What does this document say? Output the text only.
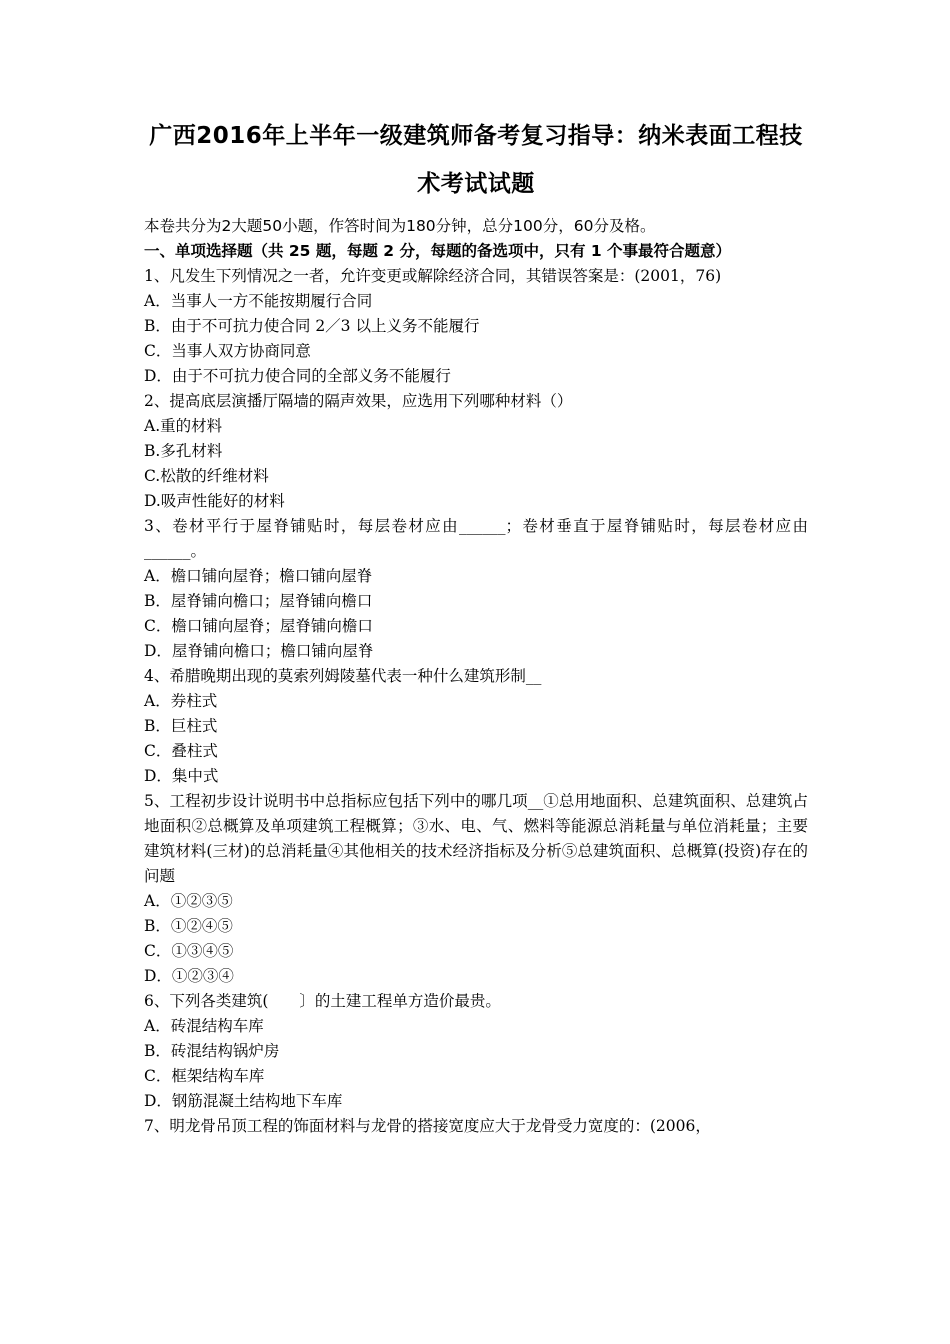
广西2016年上半年一级建筑师备考复习指导：纳米表面工程技术考试试题

本卷共分为2大题50小题，作答时间为180分钟，总分100分，60分及格。

一、单项选择题（共 25 题，每题 2 分，每题的备选项中，只有 1 个事最符合题意）

1、凡发生下列情况之一者，允许变更或解除经济合同，其错误答案是：(2001，76)

A．当事人一方不能按期履行合同

B．由于不可抗力使合同 2／3 以上义务不能履行

C．当事人双方协商同意

D．由于不可抗力使合同的全部义务不能履行

2、提高底层演播厅隔墙的隔声效果，应选用下列哪种材料（）

A.重的材料

B.多孔材料

C.松散的纤维材料

D.吸声性能好的材料

3、卷材平行于屋脊铺贴时，每层卷材应由______；卷材垂直于屋脊铺贴时，每层卷材应由______。

A．檐口铺向屋脊；檐口铺向屋脊

B．屋脊铺向檐口；屋脊铺向檐口

C．檐口铺向屋脊；屋脊铺向檐口

D．屋脊铺向檐口；檐口铺向屋脊

4、希腊晚期出现的莫索列姆陵墓代表一种什么建筑形制__

A．券柱式

B．巨柱式

C．叠柱式

D．集中式

5、工程初步设计说明书中总指标应包括下列中的哪几项__①总用地面积、总建筑面积、总建筑占地面积②总概算及单项建筑工程概算；③水、电、气、燃料等能源总消耗量与单位消耗量；主要建筑材料(三材)的总消耗量④其他相关的技术经济指标及分析⑤总建筑面积、总概算(投资)存在的问题

A．①②③⑤

B．①②④⑤

C．①③④⑤

D．①②③④

6、下列各类建筑(　　〕的土建工程单方造价最贵。

A．砖混结构车库

B．砖混结构锅炉房

C．框架结构车库

D．钢筋混凝土结构地下车库

7、明龙骨吊顶工程的饰面材料与龙骨的搭接宽度应大于龙骨受力宽度的：(2006，
